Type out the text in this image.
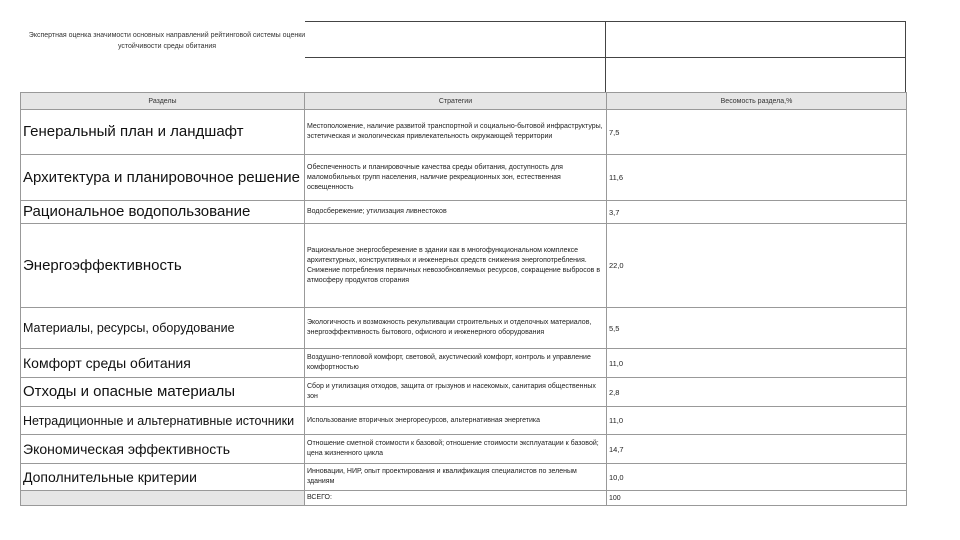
Экспертная оценка значимости основных направлений рейтинговой системы оценки устойчивости среды обитания
Разделы	Стратегии	Весомость раздела,%
Генеральный план и ландшафт	Местоположение, наличие развитой транспортной и социально-бытовой инфраструктуры, эстетическая и экологическая привлекательность окружающей территории	7,5
Архитектура и планировочное решение	Обеспеченность и планировочные качества среды обитания, доступность для маломобильных групп населения, наличие рекреационных зон, естественная освещенность	11,6
Рациональное водопользование	Водосбережение; утилизация ливнестоков	3,7
Энергоэффективность	Рациональное энергосбережение в здании как в многофункциональном комплексе архитектурных, конструктивных и инженерных средств снижения энергопотребления. Снижение потребления первичных невозобновляемых ресурсов, сокращение выбросов в атмосферу продуктов сгорания	22,0
Материалы, ресурсы, оборудование	Экологичность и возможность рекультивации строительных и отделочных материалов, энергоэффективность бытового, офисного и инженерного оборудования	5,5
Комфорт среды обитания	Воздушно-тепловой комфорт, световой, акустический комфорт, контроль и управление комфортностью	11,0
Отходы и опасные материалы	Сбор и утилизация отходов, защита от грызунов и насекомых, санитария общественных зон	2,8
Нетрадиционные и альтернативные источники	Использование вторичных энергоресурсов, альтернативная энергетика	11,0
Экономическая эффективность	Отношение сметной стоимости к базовой; отношение стоимости эксплуатации к базовой; цена жизненного цикла	14,7
Дополнительные критерии	Инновации, НИР, опыт проектирования и квалификация специалистов по зеленым зданиям	10,0
	ВСЕГО:	100
